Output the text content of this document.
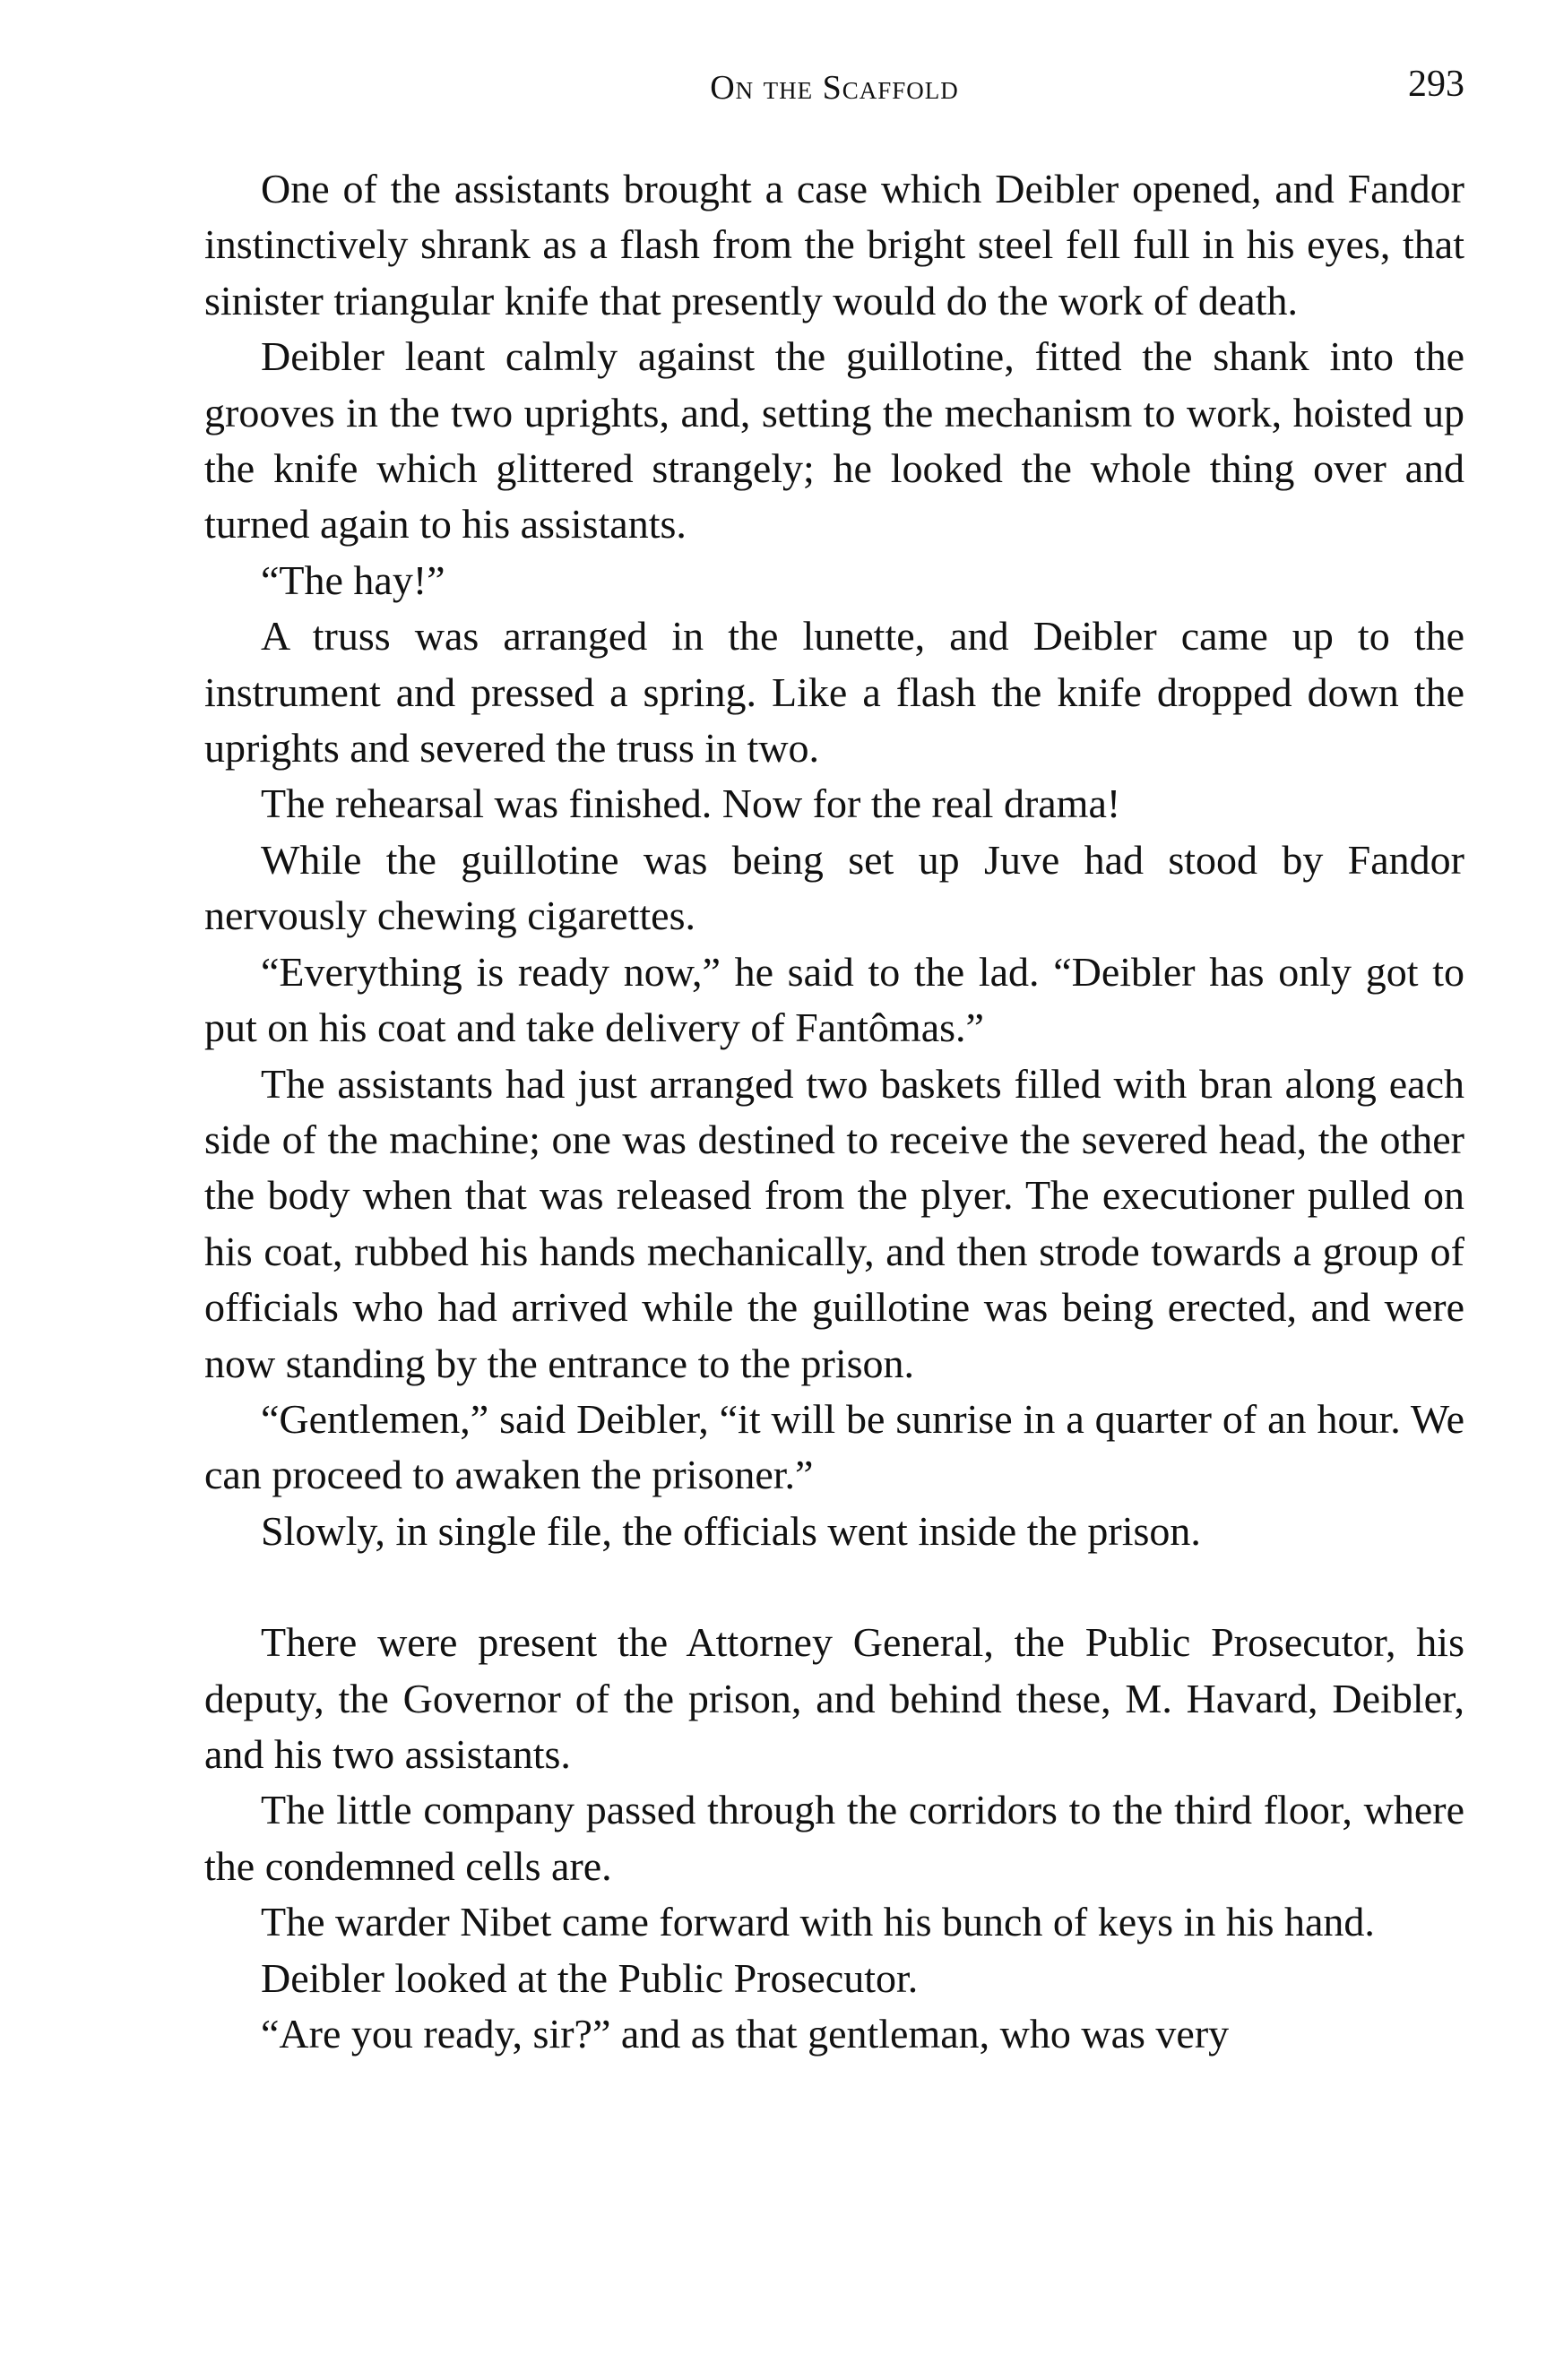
On the Scaffold	293

One of the assistants brought a case which Deibler opened, and Fandor instinctively shrank as a flash from the bright steel fell full in his eyes, that sinister triangular knife that presently would do the work of death.

Deibler leant calmly against the guillotine, fitted the shank into the grooves in the two uprights, and, setting the mechanism to work, hoisted up the knife which glittered strangely; he looked the whole thing over and turned again to his assistants.

“The hay!”

A truss was arranged in the lunette, and Deibler came up to the instrument and pressed a spring. Like a flash the knife dropped down the uprights and severed the truss in two.

The rehearsal was finished. Now for the real drama!

While the guillotine was being set up Juve had stood by Fandor nervously chewing cigarettes.

“Everything is ready now,” he said to the lad. “Deibler has only got to put on his coat and take delivery of Fantômas.”

The assistants had just arranged two baskets filled with bran along each side of the machine; one was destined to receive the severed head, the other the body when that was released from the plyer. The executioner pulled on his coat, rubbed his hands mechanically, and then strode towards a group of officials who had arrived while the guillotine was being erected, and were now standing by the entrance to the prison.

“Gentlemen,” said Deibler, “it will be sunrise in a quarter of an hour. We can proceed to awaken the prisoner.”

Slowly, in single file, the officials went inside the prison.

There were present the Attorney General, the Public Prosecutor, his deputy, the Governor of the prison, and behind these, M. Havard, Deibler, and his two assistants.

The little company passed through the corridors to the third floor, where the condemned cells are.

The warder Nibet came forward with his bunch of keys in his hand.

Deibler looked at the Public Prosecutor.

“Are you ready, sir?” and as that gentleman, who was very
